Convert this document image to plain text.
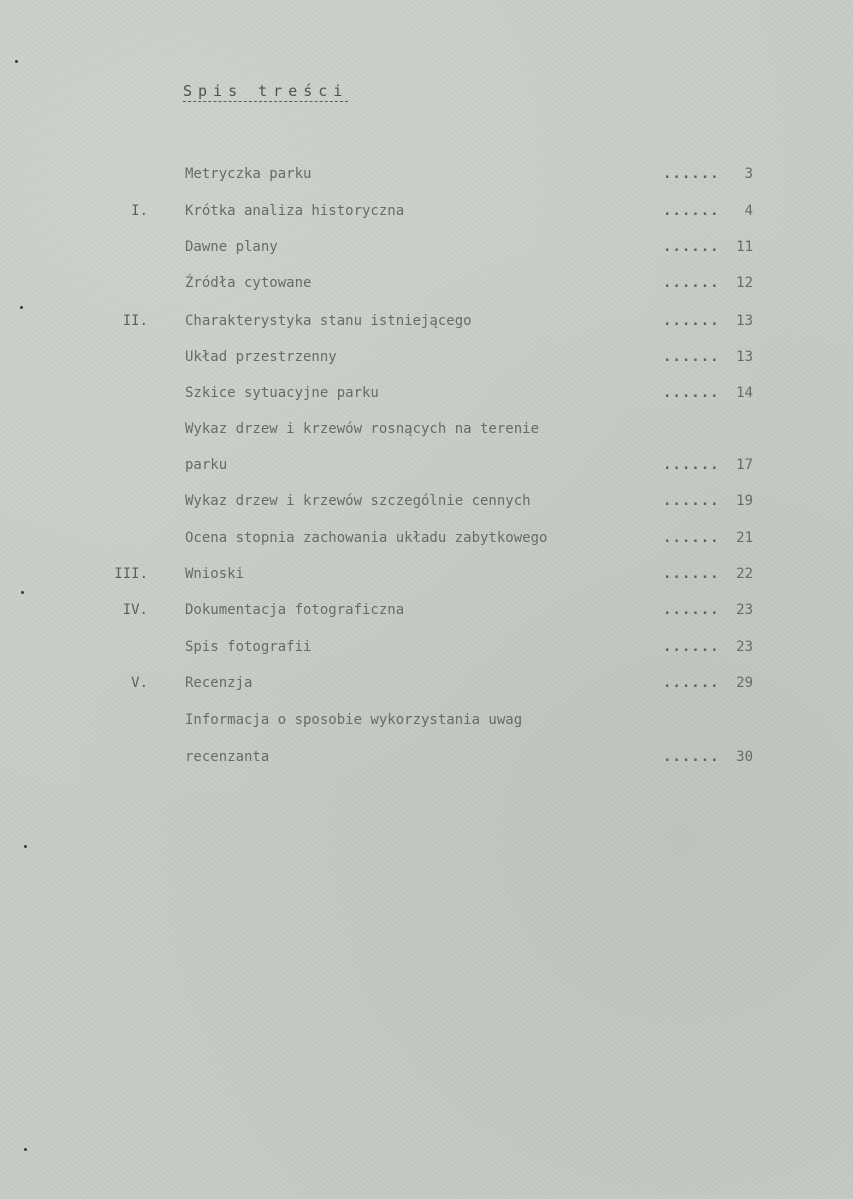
Spis treści
Metryczka parku	......	3
I.	Krótka analiza historyczna	......	4
Dawne plany	......	11
Źródła cytowane	......	12
II.	Charakterystyka stanu istniejącego	......	13
Układ przestrzenny	......	13
Szkice sytuacyjne parku	......	14
Wykaz drzew i krzewów rosnących na terenie
parku	......	17
Wykaz drzew i krzewów szczególnie cennych	......	19
Ocena stopnia zachowania układu zabytkowego	......	21
III.	Wnioski	......	22
IV.	Dokumentacja fotograficzna	......	23
Spis fotografii	......	23
V.	Recenzja	......	29
Informacja o sposobie wykorzystania uwag
recenzanta	......	30
